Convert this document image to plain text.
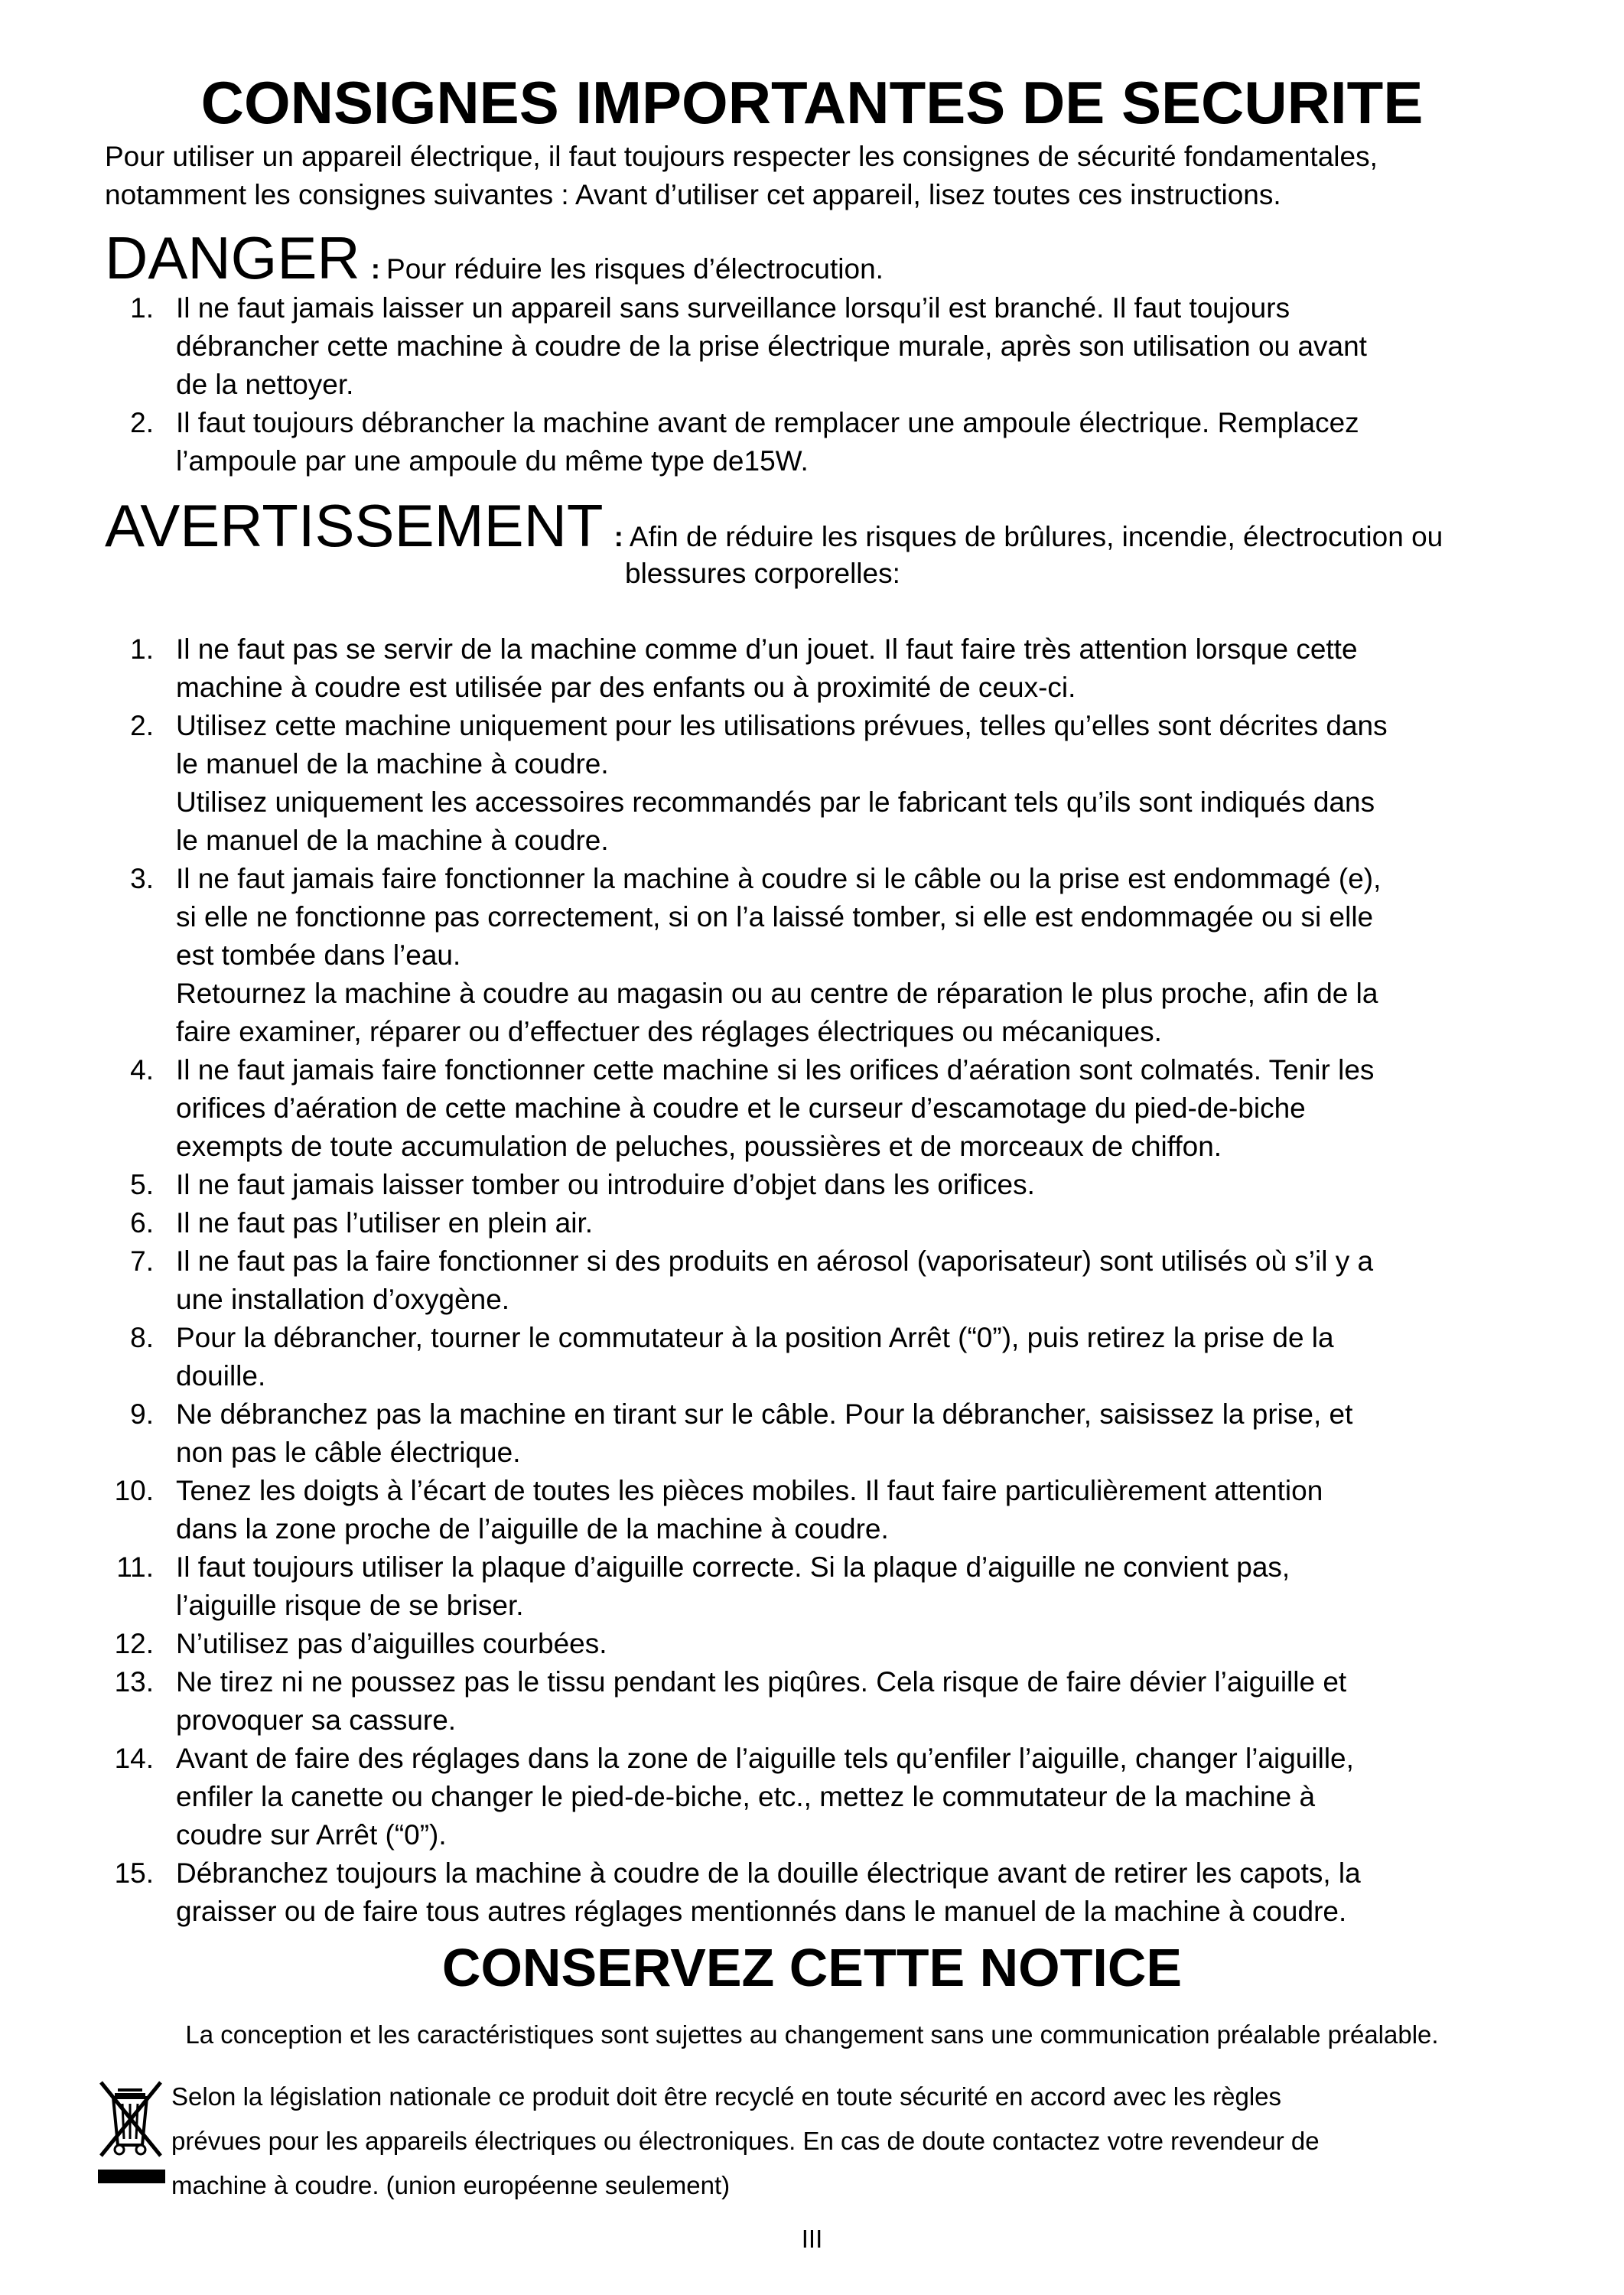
CONSIGNES IMPORTANTES DE SECURITE
Pour utiliser un appareil électrique, il faut toujours respecter les consignes de sécurité fondamentales,
notamment les consignes suivantes : Avant d’utiliser cet appareil, lisez toutes ces instructions.
DANGER : Pour réduire les risques d’électrocution.
1. Il ne faut jamais laisser un appareil sans surveillance lorsqu’il est branché. Il faut toujours
débrancher cette machine à coudre de la prise électrique murale, après son utilisation ou avant
de la nettoyer.
2. Il faut toujours débrancher la machine avant de remplacer une ampoule électrique. Remplacez
l’ampoule par une ampoule du même type de15W.
AVERTISSEMENT : Afin de réduire les risques de brûlures, incendie, électrocution ou
blessures corporelles:
1. Il ne faut pas se servir de la machine comme d’un jouet. Il faut faire très attention lorsque cette
machine à coudre est utilisée par des enfants ou à proximité de ceux-ci.
2. Utilisez cette machine uniquement pour les utilisations prévues, telles qu’elles sont décrites dans
le manuel de la machine à coudre.
Utilisez uniquement les accessoires recommandés par le fabricant tels qu’ils sont indiqués dans
le manuel de la machine à coudre.
3. Il ne faut jamais faire fonctionner la machine à coudre si le câble ou la prise est endommagé (e),
si elle ne fonctionne pas correctement, si on l’a laissé tomber, si elle est endommagée ou si elle
est tombée dans l’eau.
Retournez la machine à coudre au magasin ou au centre de réparation le plus proche, afin de la
faire examiner, réparer ou d’effectuer des réglages électriques ou mécaniques.
4. Il ne faut jamais faire fonctionner cette machine si les orifices d’aération sont colmatés. Tenir les
orifices d’aération de cette machine à coudre et le curseur d’escamotage du pied-de-biche
exempts de toute accumulation de peluches, poussières et de morceaux de chiffon.
5. Il ne faut jamais laisser tomber ou introduire d’objet dans les orifices.
6. Il ne faut pas l’utiliser en plein air.
7. Il ne faut pas la faire fonctionner si des produits en aérosol (vaporisateur) sont utilisés où s’il y a
une installation d’oxygène.
8. Pour la débrancher, tourner le commutateur à la position Arrêt (“0”), puis retirez la prise de la
douille.
9. Ne débranchez pas la machine en tirant sur le câble. Pour la débrancher, saisissez la prise, et
non pas le câble électrique.
10. Tenez les doigts à l’écart de toutes les pièces mobiles. Il faut faire particulièrement attention
dans la zone proche de l’aiguille de la machine à coudre.
11. Il faut toujours utiliser la plaque d’aiguille correcte. Si la plaque d’aiguille ne convient pas,
l’aiguille risque de se briser.
12. N’utilisez pas d’aiguilles courbées.
13. Ne tirez ni ne poussez pas le tissu pendant les piqûres. Cela risque de faire dévier l’aiguille et
provoquer sa cassure.
14. Avant de faire des réglages dans la zone de l’aiguille tels qu’enfiler l’aiguille, changer l’aiguille,
enfiler la canette ou changer le pied-de-biche, etc., mettez le commutateur de la machine à
coudre sur Arrêt (“0”).
15. Débranchez toujours la machine à coudre de la douille électrique avant de retirer les capots, la
graisser ou de faire tous autres réglages mentionnés dans le manuel de la machine à coudre.
CONSERVEZ CETTE NOTICE
La conception et les caractéristiques sont sujettes au changement sans une communication préalable préalable.
Selon la législation nationale ce produit doit être recyclé en toute sécurité en accord avec les règles
prévues pour les appareils électriques ou électroniques. En cas de doute contactez votre revendeur de
machine à coudre. (union européenne seulement)
III
